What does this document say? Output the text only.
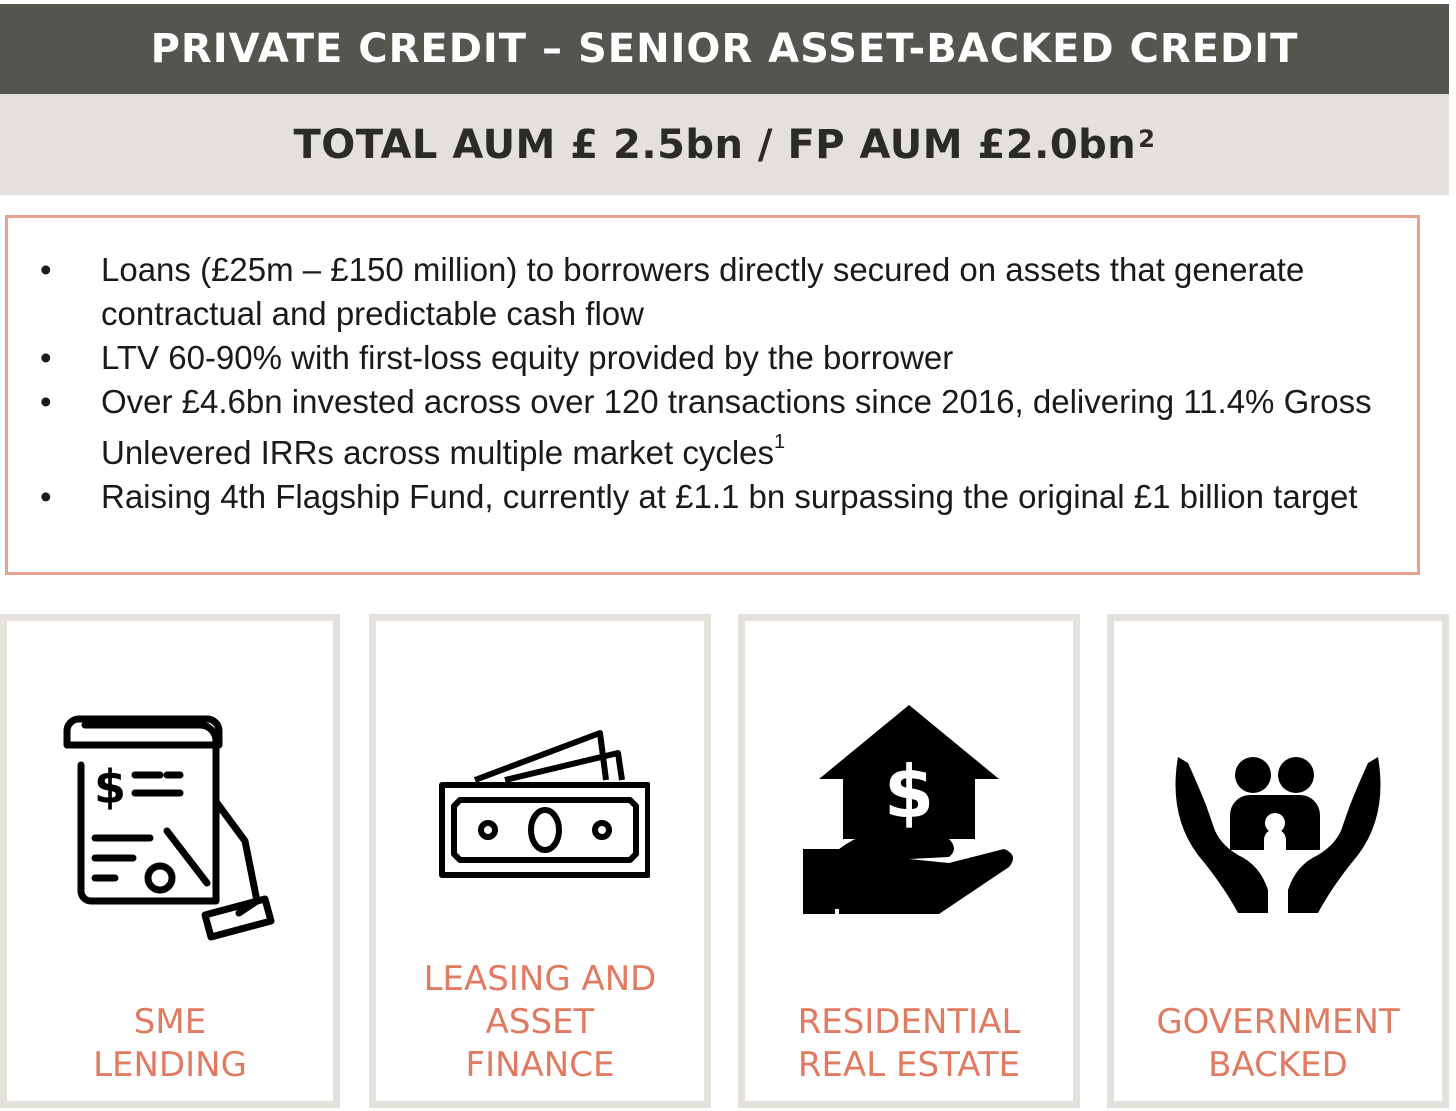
PRIVATE CREDIT – SENIOR ASSET-BACKED CREDIT
TOTAL AUM £ 2.5bn / FP AUM $£2.0bn^2$
• Loans (£25m – £150 million) to borrowers directly secured on assets that generate contractual and predictable cash flow
• LTV 60-90% with first-loss equity provided by the borrower
• Over £4.6bn invested across over 120 transactions since 2016, delivering 11.4% Gross Unlevered IRRs across multiple market cycles$^1$
• Raising 4th Flagship Fund, currently at £1.1 bn surpassing the original £1 billion target
$
SME
LENDING
LEASING AND
ASSET
FINANCE
$
RESIDENTIAL
REAL ESTATE
GOVERNMENT
BACKED
